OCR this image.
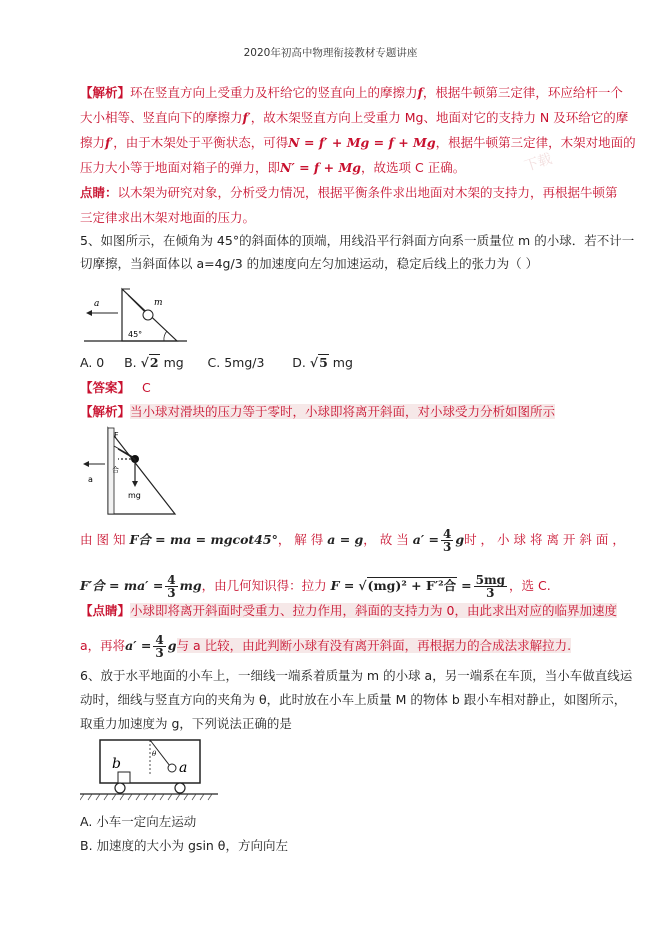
2020年初高中物理衔接教材专题讲座
【解析】环在竖直方向上受重力及杆给它的竖直向上的摩擦力f，根据牛顿第三定律，环应给杆一个
大小相等、竖直向下的摩擦力f′，故木架竖直方向上受重力 Mg、地面对它的支持力 N 及环给它的摩
擦力f′，由于木架处于平衡状态，可得N = f′ + Mg = f + Mg，根据牛顿第三定律，木架对地面的
压力大小等于地面对箱子的弹力，即N′ = f + Mg，故选项 C 正确。	下载
点睛：以木架为研究对象，分析受力情况，根据平衡条件求出地面对木架的支持力，再根据牛顿第
三定律求出木架对地面的压力。
5、如图所示，在倾角为 45°的斜面体的顶端，用线沿平行斜面方向系一质量位 m 的小球．若不计一
切摩擦，当斜面体以 a=4g/3 的加速度向左匀加速运动，稳定后线上的张力为（ ）
a	m
45°
A. 0 B. √2 mg C. 5mg/3 D. √5 mg
【答案】 C
【解析】当小球对滑块的压力等于零时，小球即将离开斜面，对小球受力分析如图所示
F
合
a
mg
由 图 知 F合 = ma = mgcot45°， 解 得 a = g， 故 当 $a' = \frac{4}{3}$ g时 ， 小 球 将 离 开 斜 面 ，
F′合 = $ma' = \frac{4}{3}$ mg，由几何知识得：拉力 F = √(mg)² + F′²合 = $\frac{5mg}{3}$ ，选 C.
【点睛】小球即将离开斜面时受重力、拉力作用，斜面的支持力为 0，由此求出对应的临界加速度
a，再将$a' = \frac{4}{3}$ g与 a 比较，由此判断小球有没有离开斜面，再根据力的合成法求解拉力.
6、放于水平地面的小车上，一细线一端系着质量为 m 的小球 a，另一端系在车顶，当小车做直线运
动时，细线与竖直方向的夹角为 θ，此时放在小车上质量 M 的物体 b 跟小车相对静止，如图所示，
取重力加速度为 g，下列说法正确的是
b	a
θ
A. 小车一定向左运动
B. 加速度的大小为 gsin θ，方向向左
